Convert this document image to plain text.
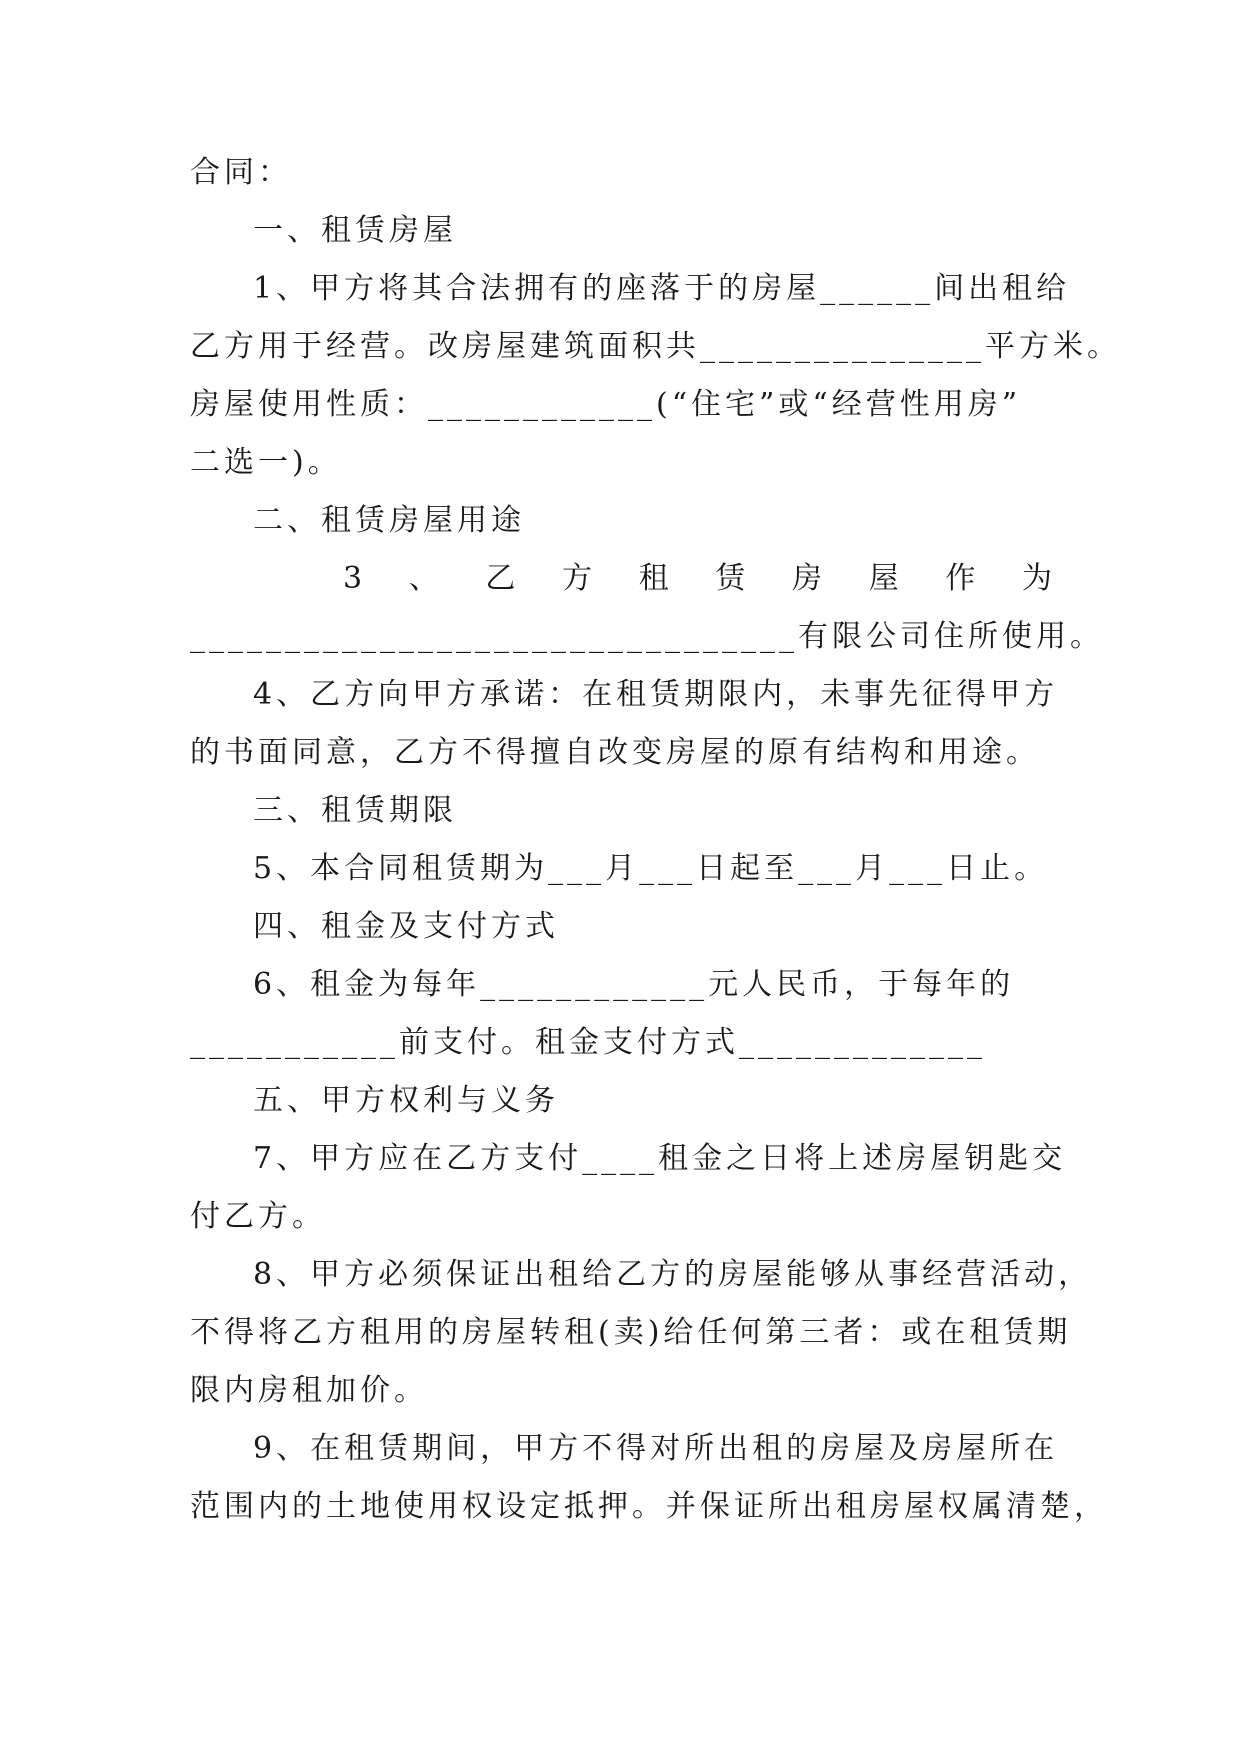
合同：
一、租赁房屋
1、甲方将其合法拥有的座落于的房屋______间出租给
乙方用于经营。改房屋建筑面积共_______________平方米。
房屋使用性质：____________(“住宅”或“经营性用房”
二选一)。
二、租赁房屋用途
3 、 乙 方 租 赁 房 屋 作 为
________________________________有限公司住所使用。
4、乙方向甲方承诺：在租赁期限内，未事先征得甲方
的书面同意，乙方不得擅自改变房屋的原有结构和用途。
三、租赁期限
5、本合同租赁期为___月___日起至___月___日止。
四、租金及支付方式
6、租金为每年____________元人民币，于每年的
___________前支付。租金支付方式_____________
五、甲方权利与义务
7、甲方应在乙方支付____租金之日将上述房屋钥匙交
付乙方。
8、甲方必须保证出租给乙方的房屋能够从事经营活动，
不得将乙方租用的房屋转租(卖)给任何第三者：或在租赁期
限内房租加价。
9、在租赁期间，甲方不得对所出租的房屋及房屋所在
范围内的土地使用权设定抵押。并保证所出租房屋权属清楚，
